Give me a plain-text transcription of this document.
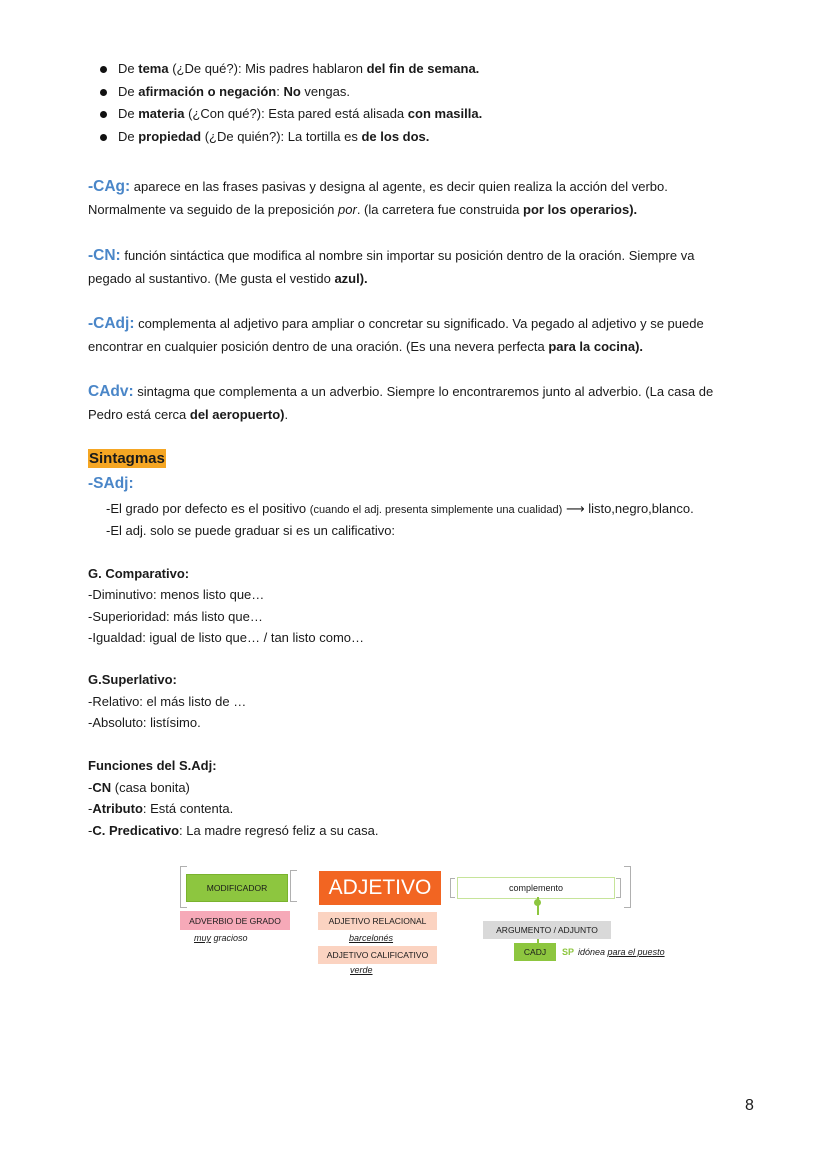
De tema (¿De qué?): Mis padres hablaron del fin de semana.
De afirmación o negación: No vengas.
De materia (¿Con qué?): Esta pared está alisada con masilla.
De propiedad (¿De quién?): La tortilla es de los dos.
-CAg: aparece en las frases pasivas y designa al agente, es decir quien realiza la acción del verbo.
Normalmente va seguido de la preposición por. (la carretera fue construida por los operarios).
-CN: función sintáctica que modifica al nombre sin importar su posición dentro de la oración. Siempre va
pegado al sustantivo. (Me gusta el vestido azul).
-CAdj: complementa al adjetivo para ampliar o concretar su significado. Va pegado al adjetivo y se puede
encontrar en cualquier posición dentro de una oración. (Es una nevera perfecta para la cocina).
CAdv: sintagma que complementa a un adverbio. Siempre lo encontraremos junto al adverbio. (La casa de
Pedro está cerca del aeropuerto).
Sintagmas
-SAdj:
-El grado por defecto es el positivo (cuando el adj. presenta simplemente una cualidad) ⟶ listo,negro,blanco.
-El adj. solo se puede graduar si es un calificativo:
G. Comparativo:
-Diminutivo: menos listo que…
-Superioridad: más listo que…
-Igualdad: igual de listo que… / tan listo como…
G.Superlativo:
-Relativo: el más listo de …
-Absoluto: listísimo.
Funciones del S.Adj:
-CN (casa bonita)
-Atributo: Está contenta.
-C. Predicativo: La madre regresó feliz a su casa.
MODIFICADOR	ADJETIVO	complemento
ADVERBIO DE GRADO
muy gracioso
ADJETIVO RELACIONAL
barcelonés
ADJETIVO CALIFICATIVO
verde
ARGUMENTO / ADJUNTO
CADJ	SP idónea para el puesto
8
